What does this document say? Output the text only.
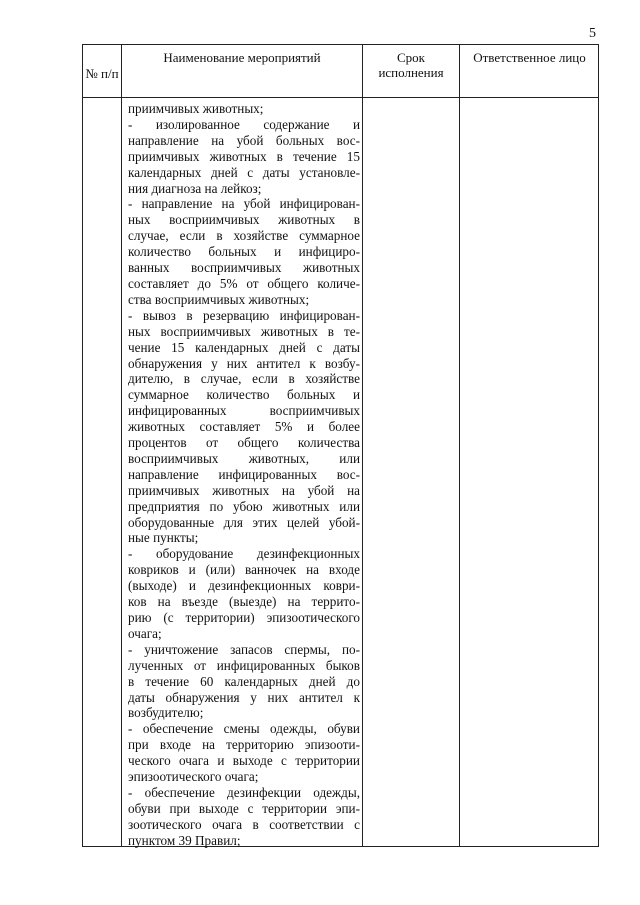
5
№ п/п
Наименование мероприятий	Срок исполнения
Ответственное лицо
приимчивых животных;
- изолированное содержание и
направление на убой больных вос-
приимчивых животных в течение 15
календарных дней с даты установле-
ния диагноза на лейкоз;
- направление на убой инфицирован-
ных восприимчивых животных в
случае, если в хозяйстве суммарное
количество больных и инфициро-
ванных восприимчивых животных
составляет до 5% от общего количе-
ства восприимчивых животных;
- вывоз в резервацию инфицирован-
ных восприимчивых животных в те-
чение 15 календарных дней с даты
обнаружения у них антител к возбу-
дителю, в случае, если в хозяйстве
суммарное количество больных и
инфицированных восприимчивых
животных составляет 5% и более
процентов от общего количества
восприимчивых животных, или
направление инфицированных вос-
приимчивых животных на убой на
предприятия по убою животных или
оборудованные для этих целей убой-
ные пункты;
- оборудование дезинфекционных
ковриков и (или) ванночек на входе
(выходе) и дезинфекционных коври-
ков на въезде (выезде) на террито-
рию (с территории) эпизоотического
очага;
- уничтожение запасов спермы, по-
лученных от инфицированных быков
в течение 60 календарных дней до
даты обнаружения у них антител к
возбудителю;
- обеспечение смены одежды, обуви
при входе на территорию эпизооти-
ческого очага и выходе с территории
эпизоотического очага;
- обеспечение дезинфекции одежды,
обуви при выходе с территории эпи-
зоотического очага в соответствии с
пунктом 39 Правил;
